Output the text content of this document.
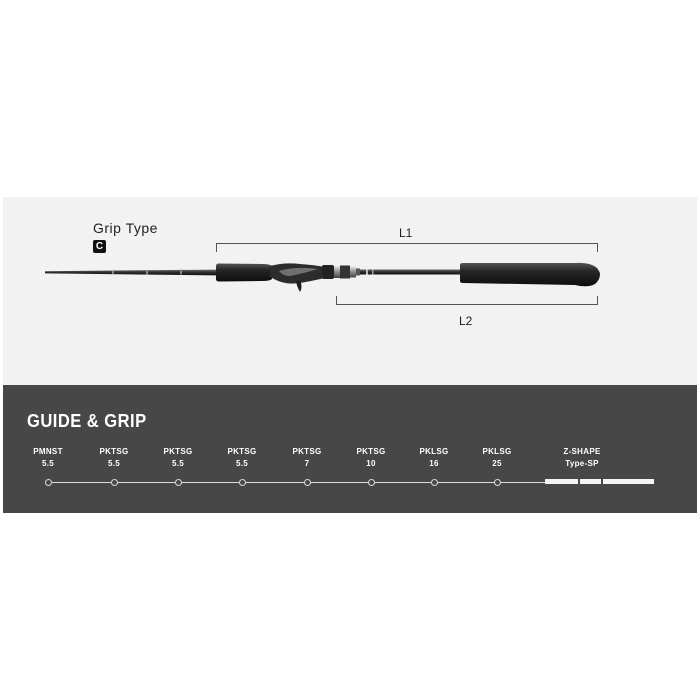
Grip Type
C
L1
L2
GUIDE & GRIP
PMNST
5.5
PKTSG
5.5
PKTSG
5.5
PKTSG
5.5
PKTSG
7
PKTSG
10
PKLSG
16
PKLSG
25
Z-SHAPE
Type-SP
